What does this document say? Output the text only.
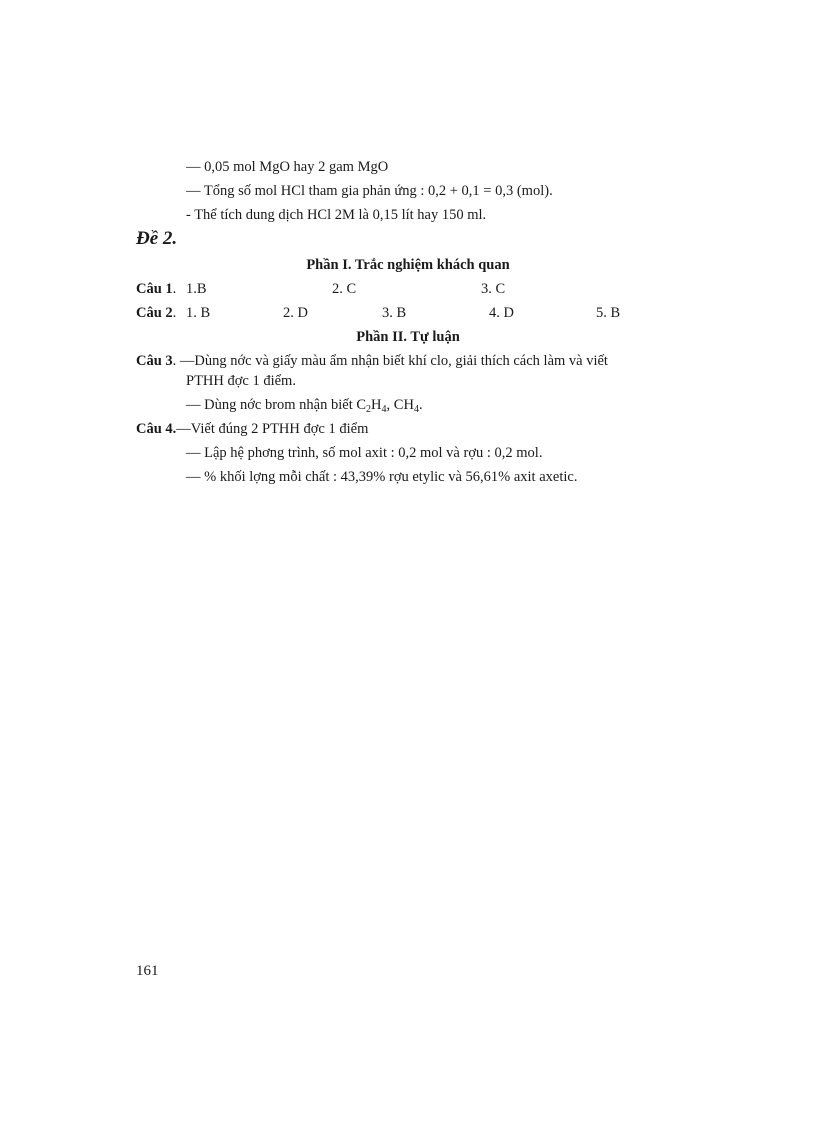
— 0,05 mol MgO hay 2 gam MgO
— Tổng số mol HCl tham gia phản ứng : 0,2 + 0,1 = 0,3 (mol).
- Thể tích dung dịch HCl 2M là 0,15 lít hay 150 ml.
Đề 2.
Phần I. Trắc nghiệm khách quan
Câu 1. 1.B	2. C	3. C
Câu 2. 1. B	2. D	3. B	4. D	5. B
Phần II. Tự luận
Câu 3. —Dùng nớc và giấy màu ẩm nhận biết khí clo, giải thích cách làm và viết
PTHH đợc 1 điểm.
— Dùng nớc brom nhận biết $C_2H_4$, $CH_4$.
Câu 4.—Viết đúng 2 PTHH đợc 1 điểm
— Lập hệ phơng trình, số mol axit : 0,2 mol và rợu : 0,2 mol.
— % khối lợng mỗi chất : 43,39% rợu etylic và 56,61% axit axetic.
161
